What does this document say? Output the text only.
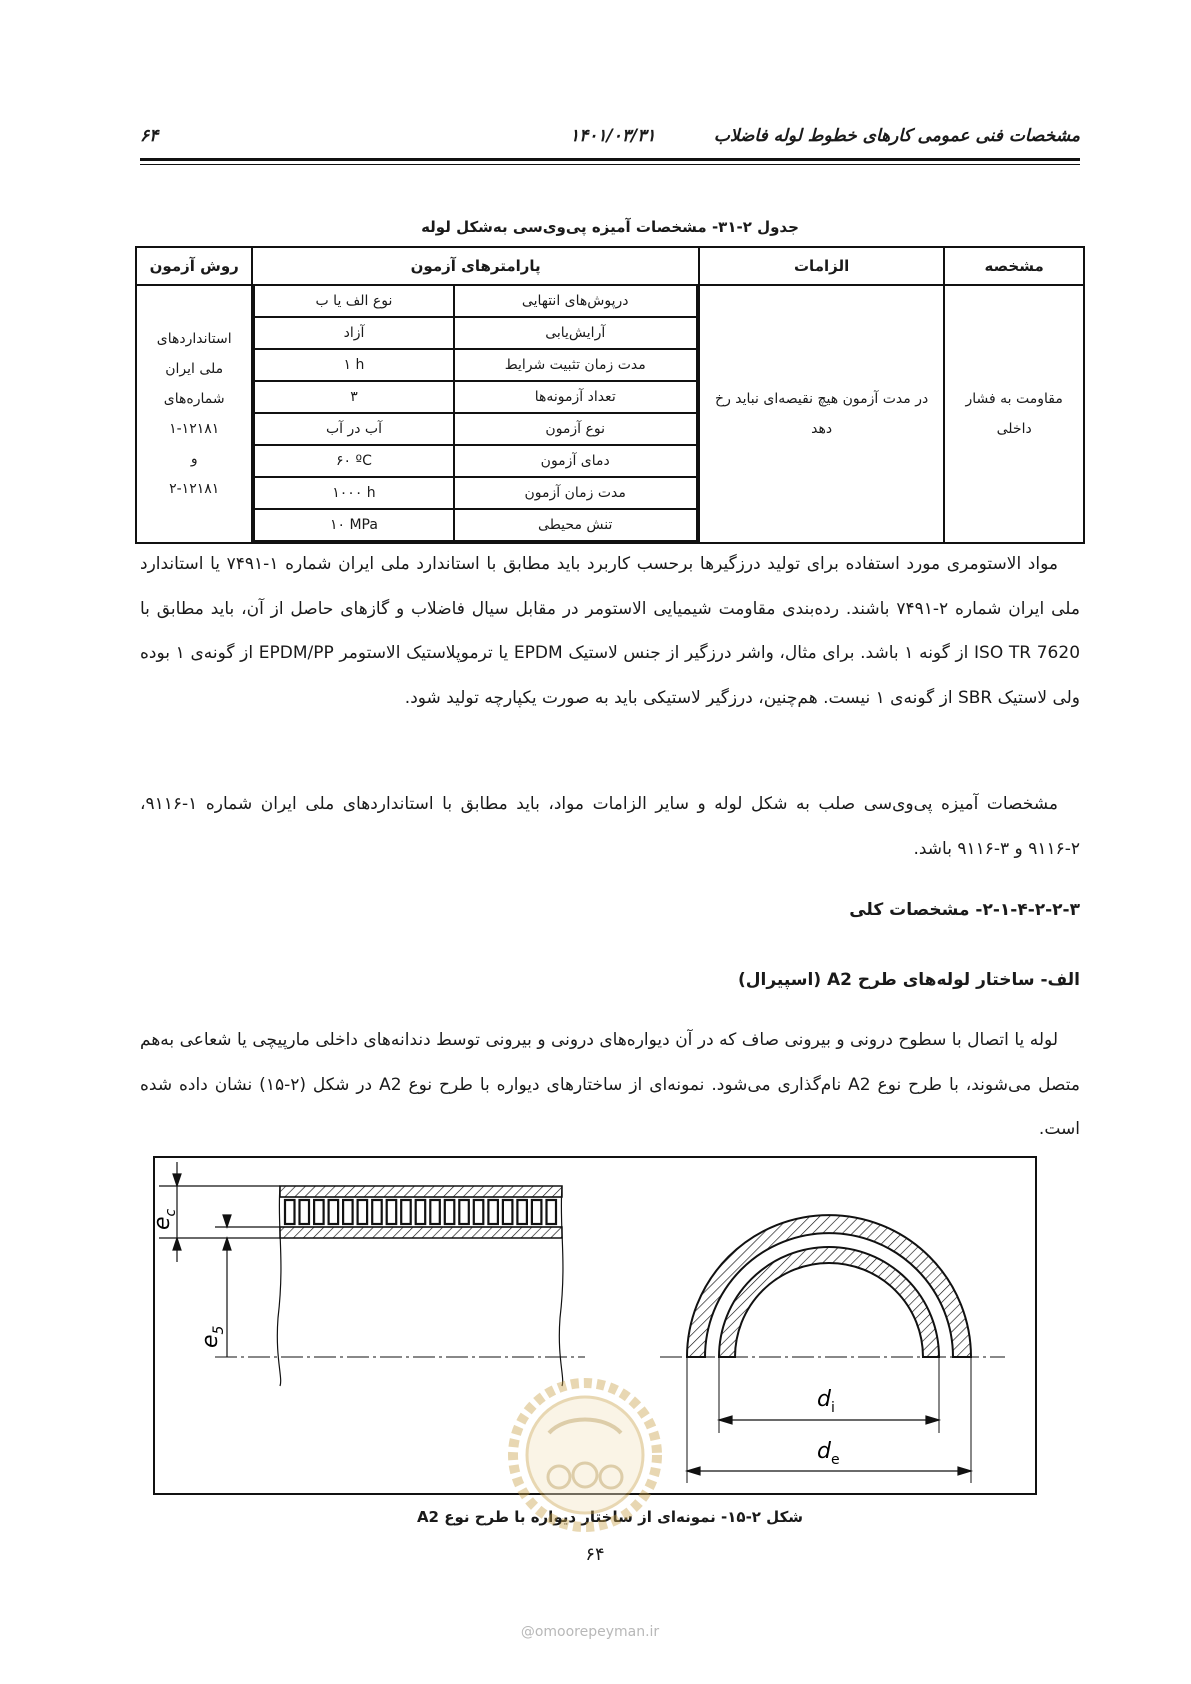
مشخصات فنی عمومی کارهای خطوط لوله فاضلاب
۱۴۰۱/۰۳/۳۱
۶۴
جدول ۲-۳۱- مشخصات آمیزه پی‌وی‌سی به‌شکل لوله
مشخصه	الزامات	پارامترهای آزمون	روش آزمون
مقاومت به فشار داخلی	در مدت آزمون هیچ نقیصه‌ای نباید رخ دهد	
درپوش‌های انتهایی	نوع الف یا ب
آرایش‌یابی	آزاد
مدت زمان تثبیت شرایط	۱ h
تعداد آزمونه‌ها	۳
نوع آزمون	آب در آب
دمای آزمون	۶۰ ºC
مدت زمان آزمون	۱۰۰۰ h
تنش محیطی	۱۰ MPa

استانداردهای
ملی ایران
شماره‌های
۱-۱۲۱۸۱
و
۲-۱۲۱۸۱

مواد الاستومری مورد استفاده برای تولید درزگیرها برحسب کاربرد باید مطابق با استاندارد ملی ایران شماره ۱-۷۴۹۱ یا استاندارد ملی ایران شماره ۲-۷۴۹۱ باشند. رده‌بندی مقاومت شیمیایی الاستومر در مقابل سیال فاضلاب و گازهای حاصل از آن، باید مطابق با ISO TR 7620 از گونه ۱ باشد. برای مثال، واشر درزگیر از جنس لاستیک EPDM یا ترموپلاستیک الاستومر EPDM/PP از گونه‌ی ۱ بوده ولی لاستیک SBR از گونه‌ی ۱ نیست. هم‌چنین، درزگیر لاستیکی باید به صورت یکپارچه تولید شود.

مشخصات آمیزه پی‌وی‌سی صلب به شکل لوله و سایر الزامات مواد، باید مطابق با استانداردهای ملی ایران شماره ۱-۹۱۱۶، ۲-۹۱۱۶ و ۳-۹۱۱۶ باشد.

۲-۱-۴-۲-۲-۳- مشخصات کلی
الف- ساختار لوله‌های طرح A2 (اسپیرال)

لوله یا اتصال با سطوح درونی و بیرونی صاف که در آن دیواره‌های درونی و بیرونی توسط دندانه‌های داخلی مارپیچی یا شعاعی به‌هم متصل می‌شوند، با طرح نوع A2 نام‌گذاری می‌شود. نمونه‌ای از ساختارهای دیواره با طرح نوع A2 در شکل (۲-۱۵) نشان داده شده است.

$e_c$
$e_5$
$d_i$
$d_e$
شکل ۲-۱۵- نمونه‌ای از ساختار دیواره با طرح نوع A2
۶۴
@omoorepeyman.ir
